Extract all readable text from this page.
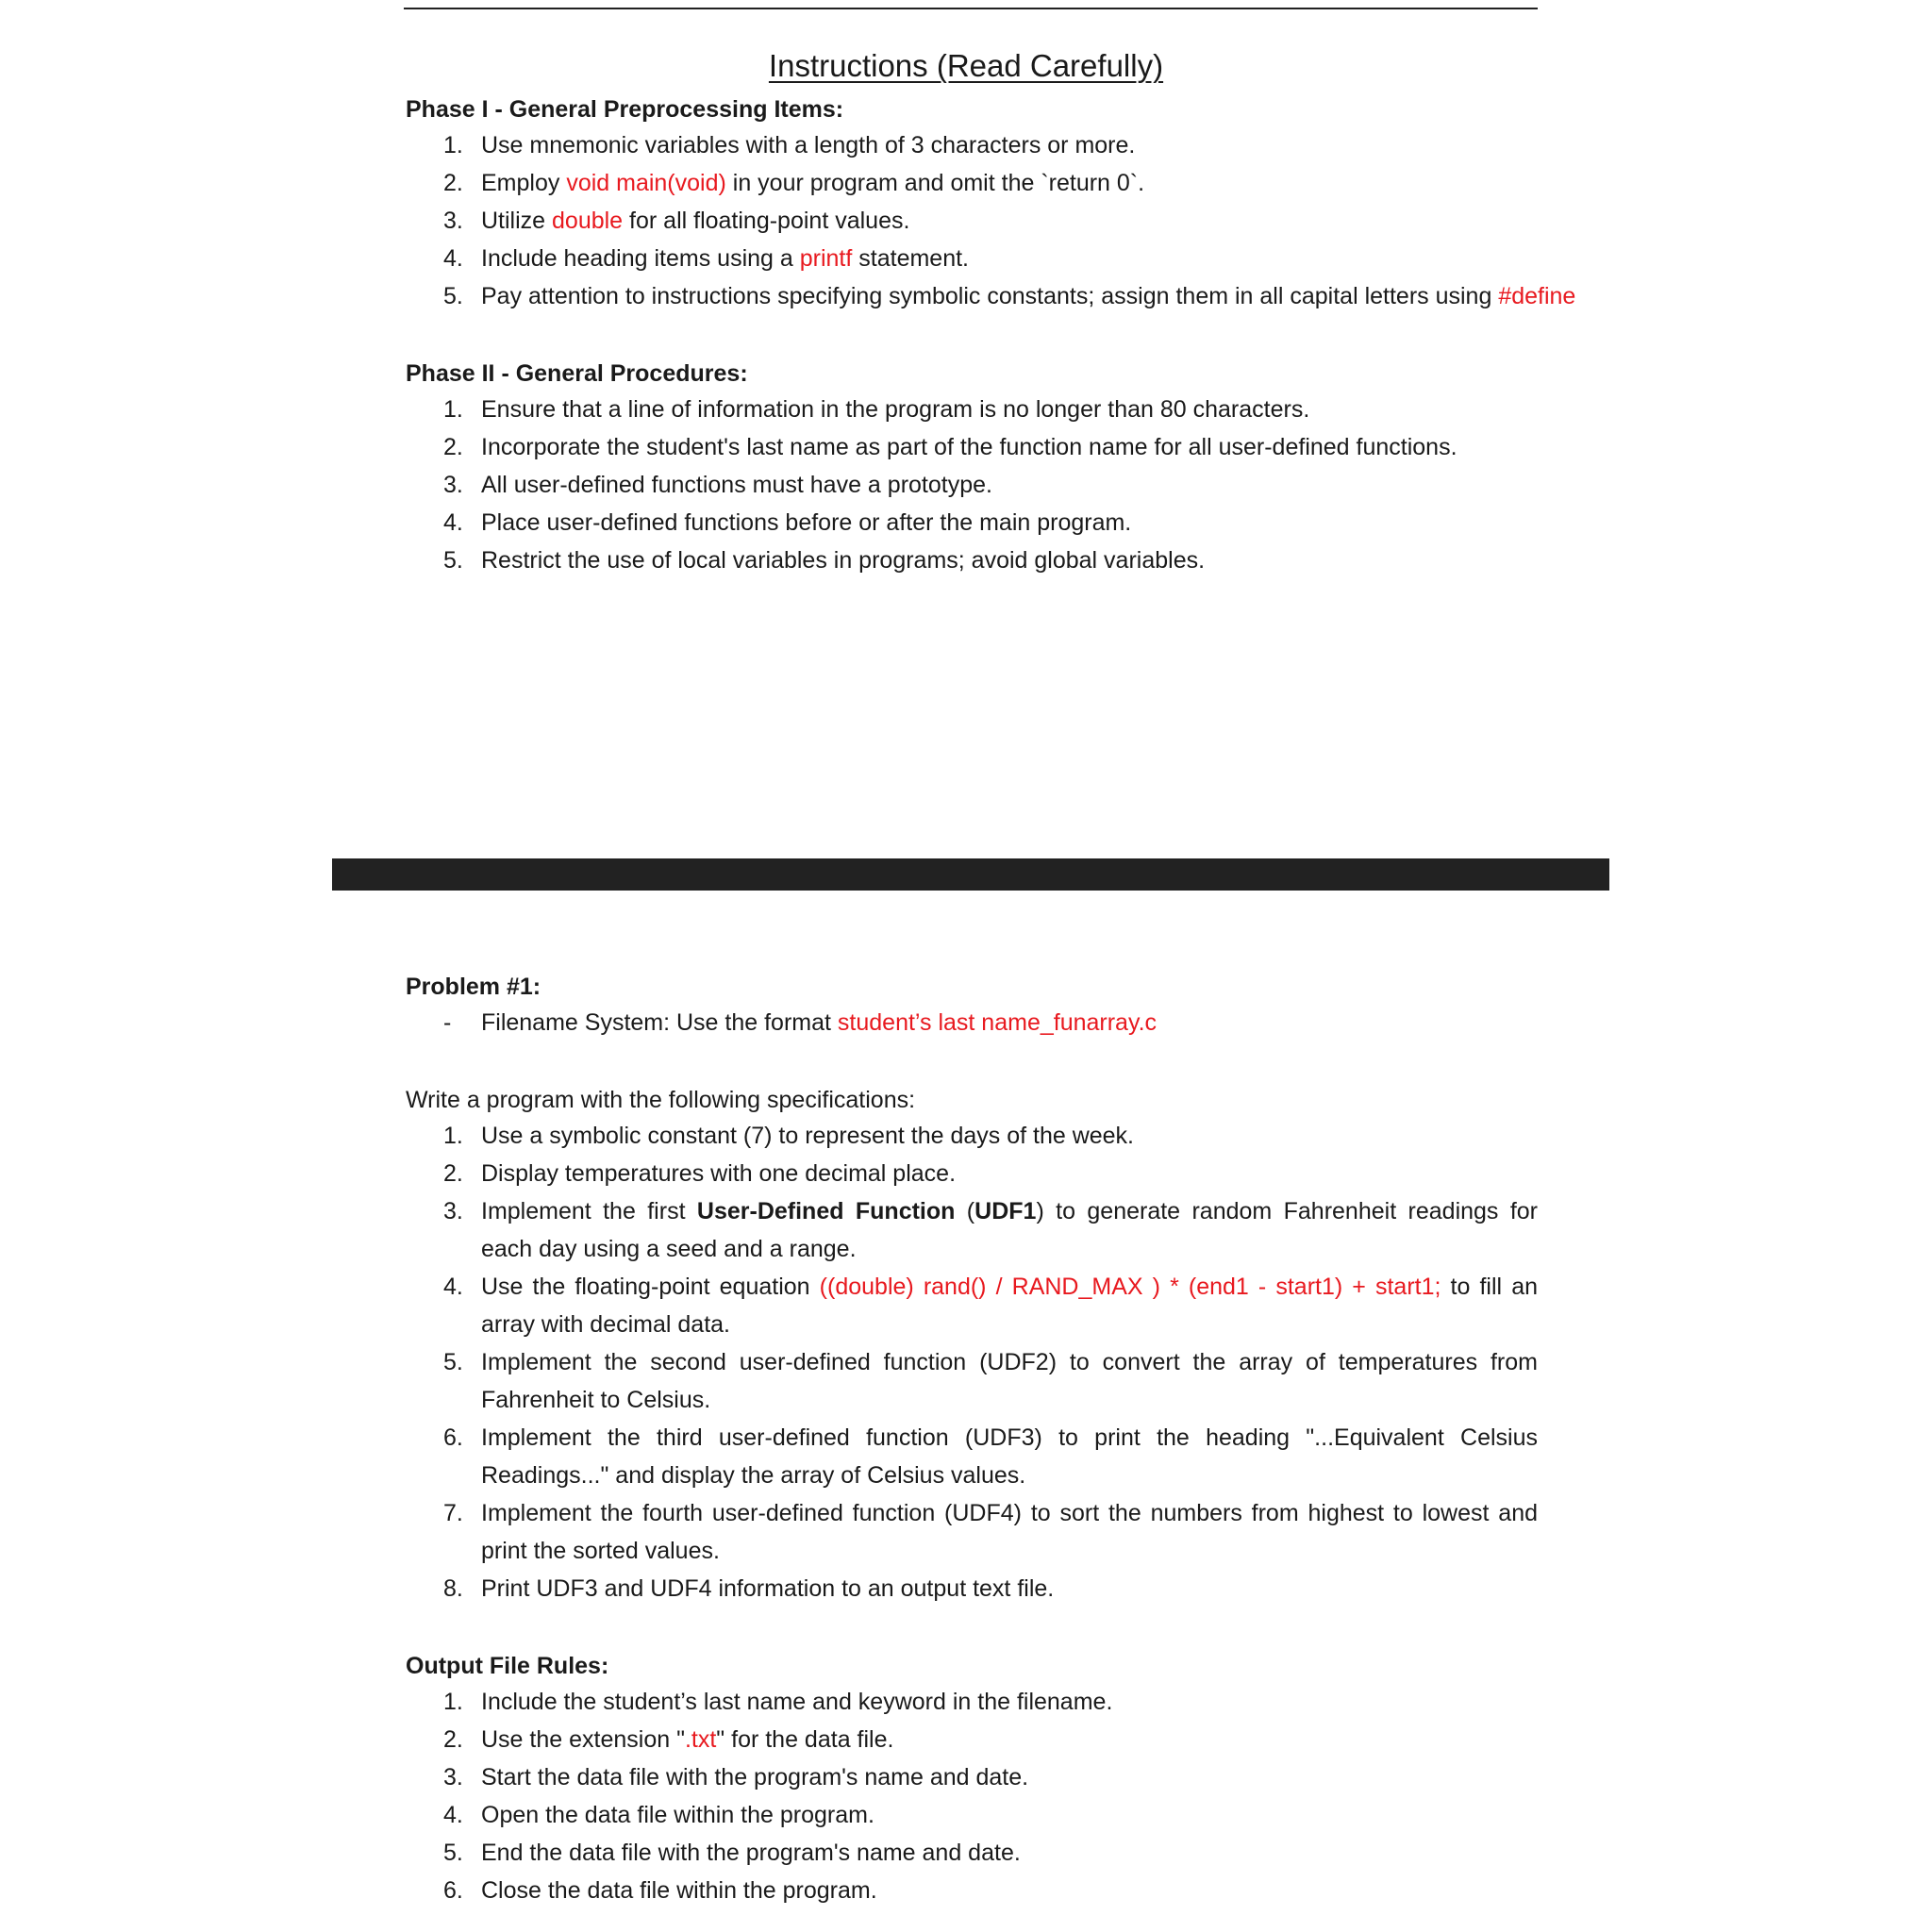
Instructions (Read Carefully)
Phase I - General Preprocessing Items:
1. Use mnemonic variables with a length of 3 characters or more.
2. Employ void main(void) in your program and omit the `return 0`.
3. Utilize double for all floating-point values.
4. Include heading items using a printf statement.
5. Pay attention to instructions specifying symbolic constants; assign them in all capital letters using #define
Phase II - General Procedures:
1. Ensure that a line of information in the program is no longer than 80 characters.
2. Incorporate the student's last name as part of the function name for all user-defined functions.
3. All user-defined functions must have a prototype.
4. Place user-defined functions before or after the main program.
5. Restrict the use of local variables in programs; avoid global variables.
Problem #1:
-	Filename System: Use the format student’s last name_funarray.c
Write a program with the following specifications:
1. Use a symbolic constant (7) to represent the days of the week.
2. Display temperatures with one decimal place.
3. Implement the first User-Defined Function (UDF1) to generate random Fahrenheit readings for each day using a seed and a range.
4. Use the floating-point equation ((double) rand() / RAND_MAX ) * (end1 - start1) + start1; to fill an array with decimal data.
5. Implement the second user-defined function (UDF2) to convert the array of temperatures from Fahrenheit to Celsius.
6. Implement the third user-defined function (UDF3) to print the heading "...Equivalent Celsius Readings..." and display the array of Celsius values.
7. Implement the fourth user-defined function (UDF4) to sort the numbers from highest to lowest and print the sorted values.
8. Print UDF3 and UDF4 information to an output text file.
Output File Rules:
1. Include the student’s last name and keyword in the filename.
2. Use the extension ".txt" for the data file.
3. Start the data file with the program's name and date.
4. Open the data file within the program.
5. End the data file with the program's name and date.
6. Close the data file within the program.
